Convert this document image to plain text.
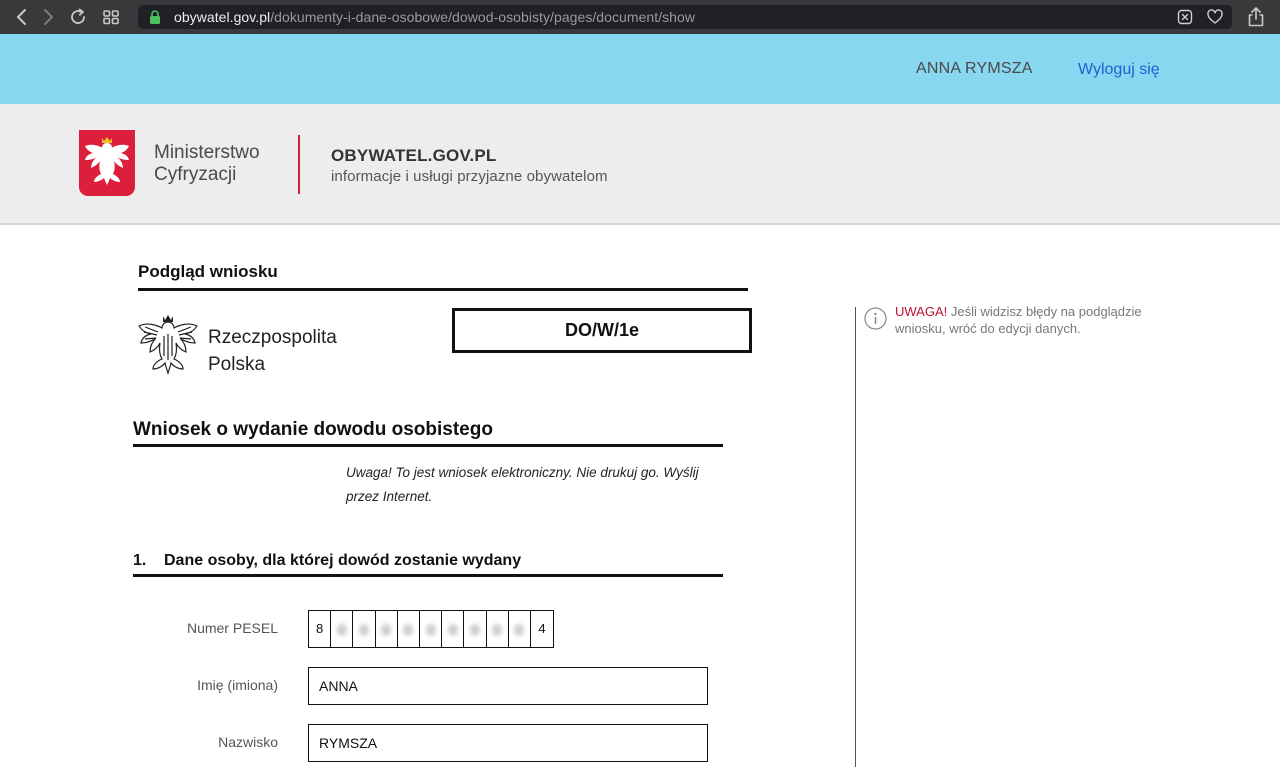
obywatel.gov.pl/dokumenty-i-dane-osobowe/dowod-osobisty/pages/document/show
ANNA RYMSZA	Wyloguj się
Ministerstwo
Cyfryzacji
OBYWATEL.GOV.PL
informacje i usługi przyjazne obywatelom
Podgląd wniosku
Rzeczpospolita
Polska
DO/W/1e
Wniosek o wydanie dowodu osobistego
Uwaga! To jest wniosek elektroniczny. Nie drukuj go. Wyślij przez Internet.
1. Dane osoby, dla której dowód zostanie wydany
Numer PESEL	8	4
Imię (imiona)	ANNA
Nazwisko	RYMSZA
UWAGA! Jeśli widzisz błędy na podglądzie wniosku, wróć do edycji danych.
